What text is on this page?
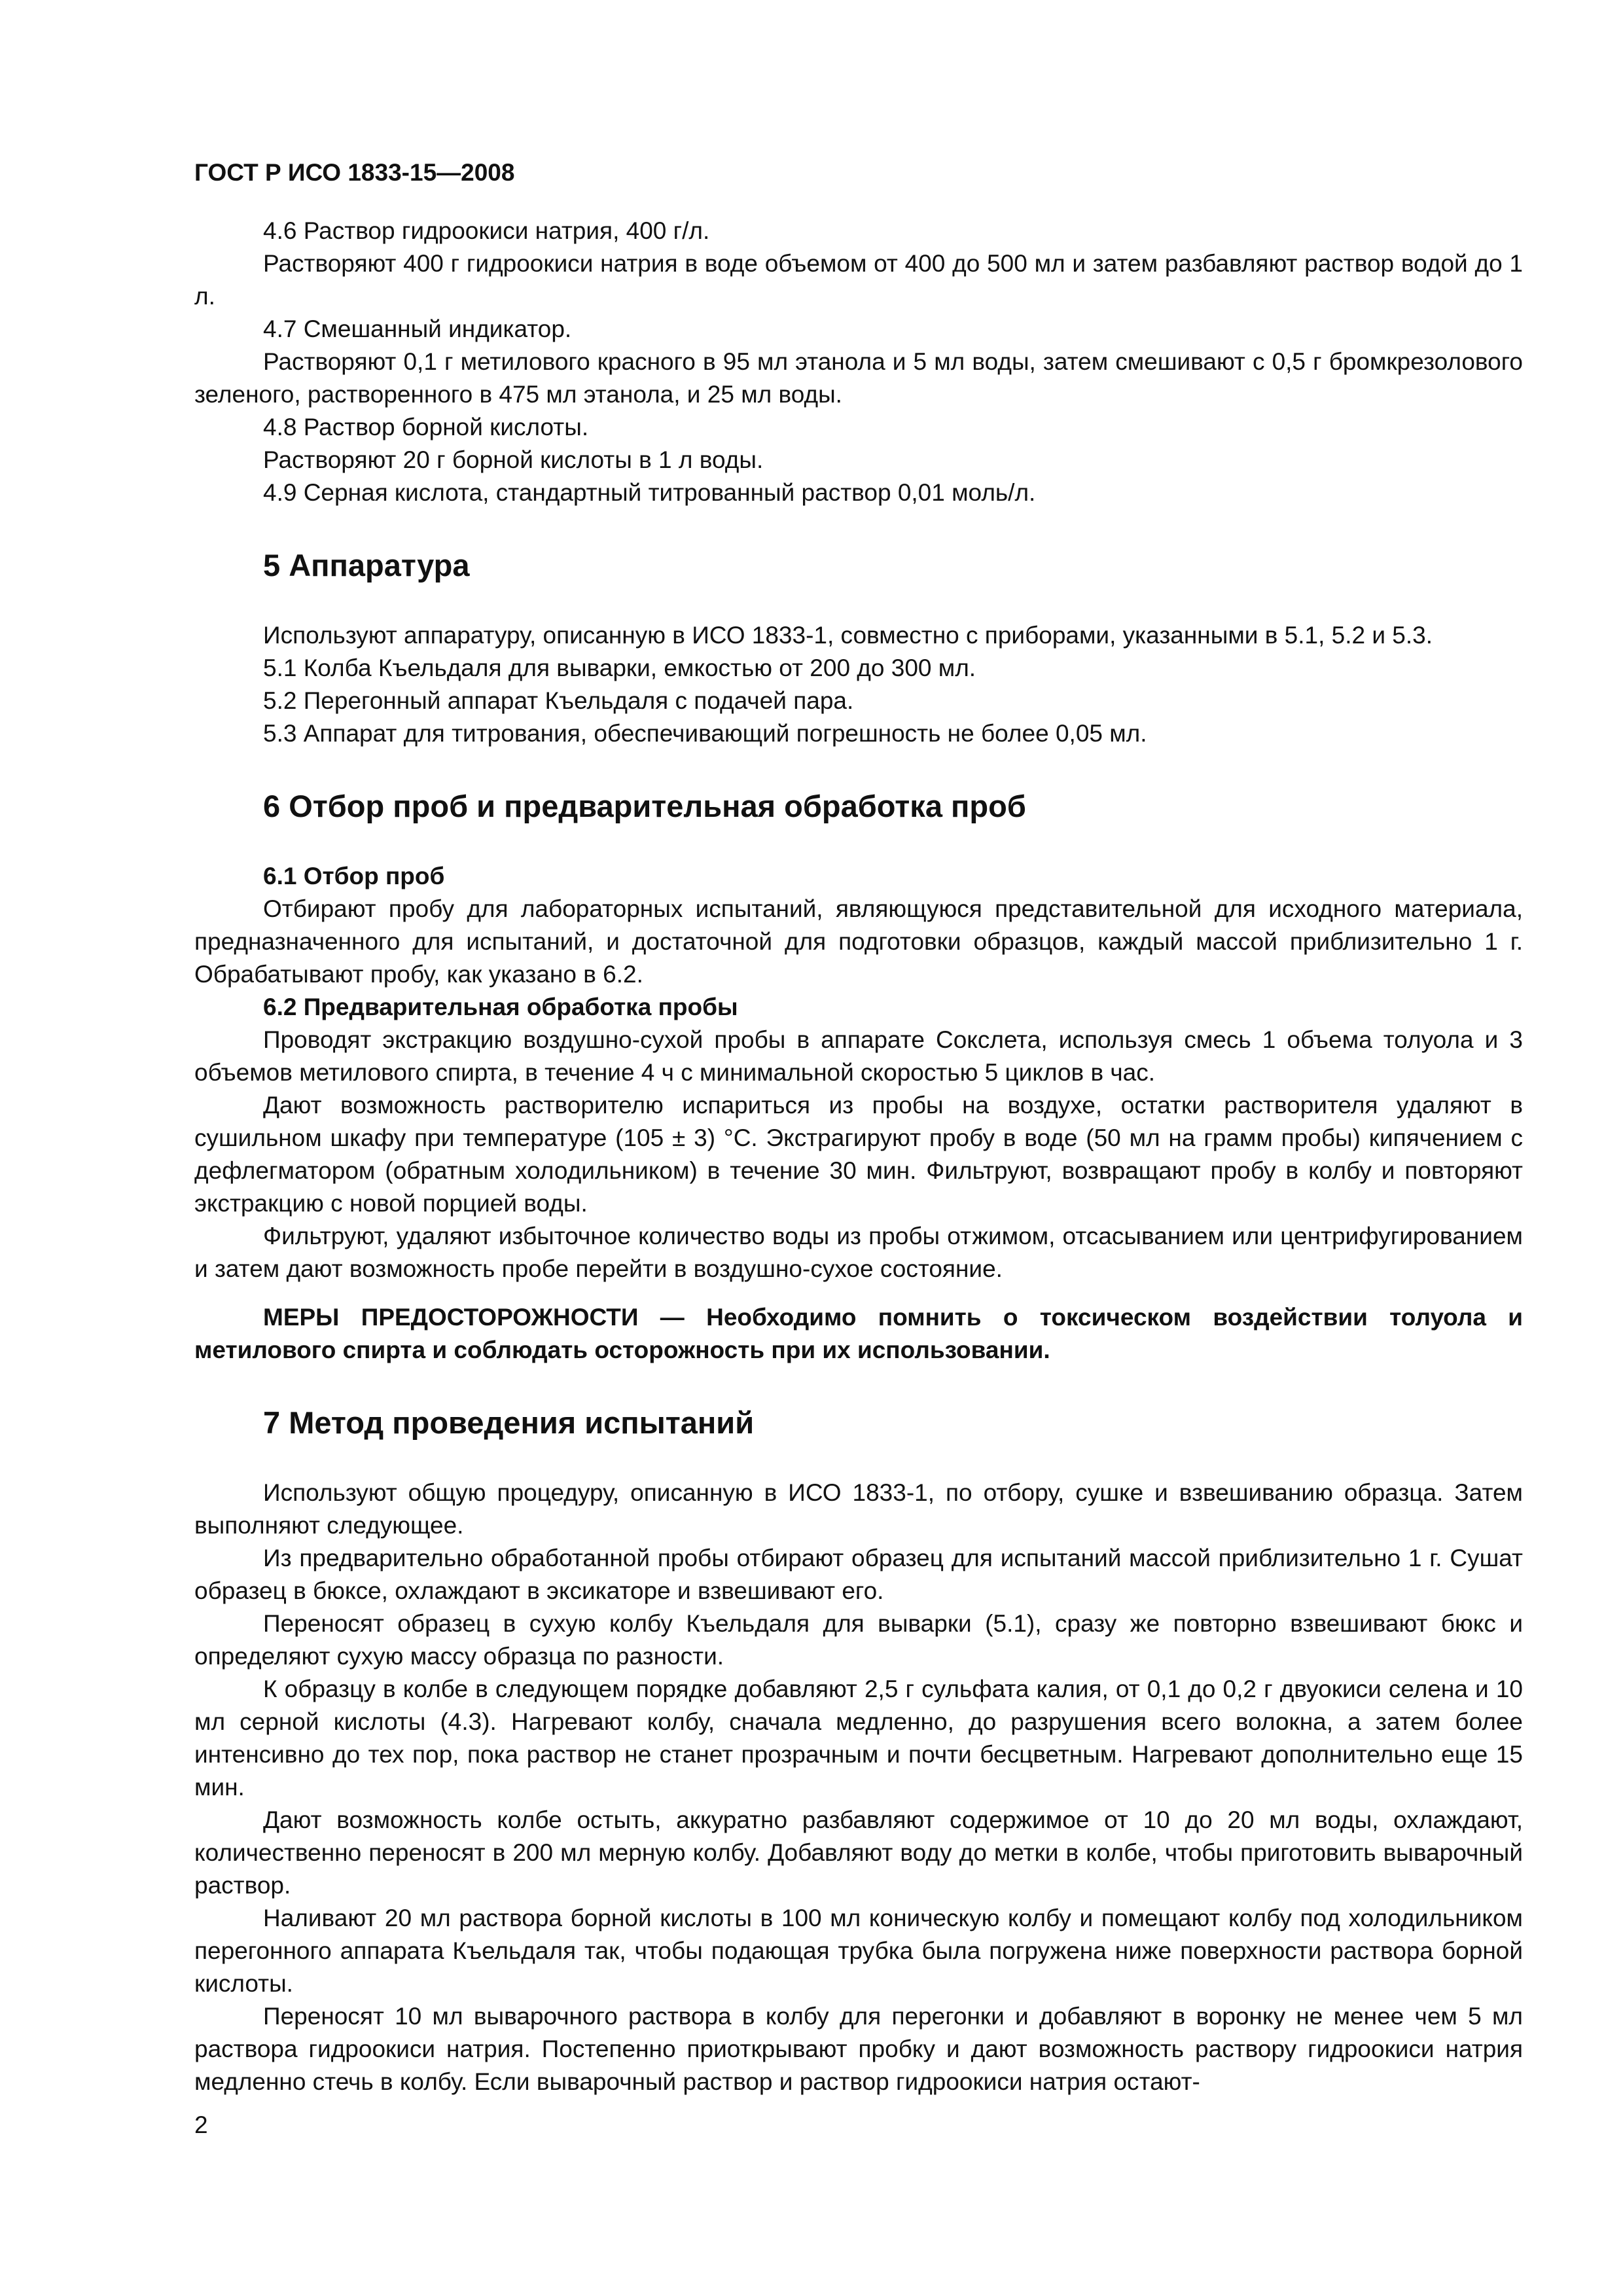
ГОСТ Р ИСО 1833-15—2008

4.6 Раствор гидроокиси натрия, 400 г/л.

Растворяют 400 г гидроокиси натрия в воде объемом от 400 до 500 мл и затем разбавляют раствор водой до 1 л.

4.7 Смешанный индикатор.

Растворяют 0,1 г метилового красного в 95 мл этанола и 5 мл воды, затем смешивают с 0,5 г бромкрезолового зеленого, растворенного в 475 мл этанола, и 25 мл воды.

4.8 Раствор борной кислоты.

Растворяют 20 г борной кислоты в 1 л воды.

4.9 Серная кислота, стандартный титрованный раствор 0,01 моль/л.

5 Аппаратура

Используют аппаратуру, описанную в ИСО 1833-1, совместно с приборами, указанными в 5.1, 5.2 и 5.3.

5.1 Колба Къельдаля для выварки, емкостью от 200 до 300 мл.

5.2 Перегонный аппарат Къельдаля с подачей пара.

5.3 Аппарат для титрования, обеспечивающий погрешность не более 0,05 мл.

6 Отбор проб и предварительная обработка проб
6.1 Отбор проб

Отбирают пробу для лабораторных испытаний, являющуюся представительной для исходного материала, предназначенного для испытаний, и достаточной для подготовки образцов, каждый массой приблизительно 1 г. Обрабатывают пробу, как указано в 6.2.

6.2 Предварительная обработка пробы

Проводят экстракцию воздушно-сухой пробы в аппарате Сокслета, используя смесь 1 объема толуола и 3 объемов метилового спирта, в течение 4 ч с минимальной скоростью 5 циклов в час.

Дают возможность растворителю испариться из пробы на воздухе, остатки растворителя удаляют в сушильном шкафу при температуре (105 ± 3) °С. Экстрагируют пробу в воде (50 мл на грамм пробы) кипячением с дефлегматором (обратным холодильником) в течение 30 мин. Фильтруют, возвращают пробу в колбу и повторяют экстракцию с новой порцией воды.

Фильтруют, удаляют избыточное количество воды из пробы отжимом, отсасыванием или центрифугированием и затем дают возможность пробе перейти в воздушно-сухое состояние.

МЕРЫ ПРЕДОСТОРОЖНОСТИ — Необходимо помнить о токсическом воздействии толуола и метилового спирта и соблюдать осторожность при их использовании.

7 Метод проведения испытаний

Используют общую процедуру, описанную в ИСО 1833-1, по отбору, сушке и взвешиванию образца. Затем выполняют следующее.

Из предварительно обработанной пробы отбирают образец для испытаний массой приблизительно 1 г. Сушат образец в бюксе, охлаждают в эксикаторе и взвешивают его.

Переносят образец в сухую колбу Къельдаля для выварки (5.1), сразу же повторно взвешивают бюкс и определяют сухую массу образца по разности.

К образцу в колбе в следующем порядке добавляют 2,5 г сульфата калия, от 0,1 до 0,2 г двуокиси селена и 10 мл серной кислоты (4.3). Нагревают колбу, сначала медленно, до разрушения всего волокна, а затем более интенсивно до тех пор, пока раствор не станет прозрачным и почти бесцветным. Нагревают дополнительно еще 15 мин.

Дают возможность колбе остыть, аккуратно разбавляют содержимое от 10 до 20 мл воды, охлаждают, количественно переносят в 200 мл мерную колбу. Добавляют воду до метки в колбе, чтобы приготовить выварочный раствор.

Наливают 20 мл раствора борной кислоты в 100 мл коническую колбу и помещают колбу под холодильником перегонного аппарата Къельдаля так, чтобы подающая трубка была погружена ниже поверхности раствора борной кислоты.

Переносят 10 мл выварочного раствора в колбу для перегонки и добавляют в воронку не менее чем 5 мл раствора гидроокиси натрия. Постепенно приоткрывают пробку и дают возможность раствору гидроокиси натрия медленно стечь в колбу. Если выварочный раствор и раствор гидроокиси натрия остают-

2
